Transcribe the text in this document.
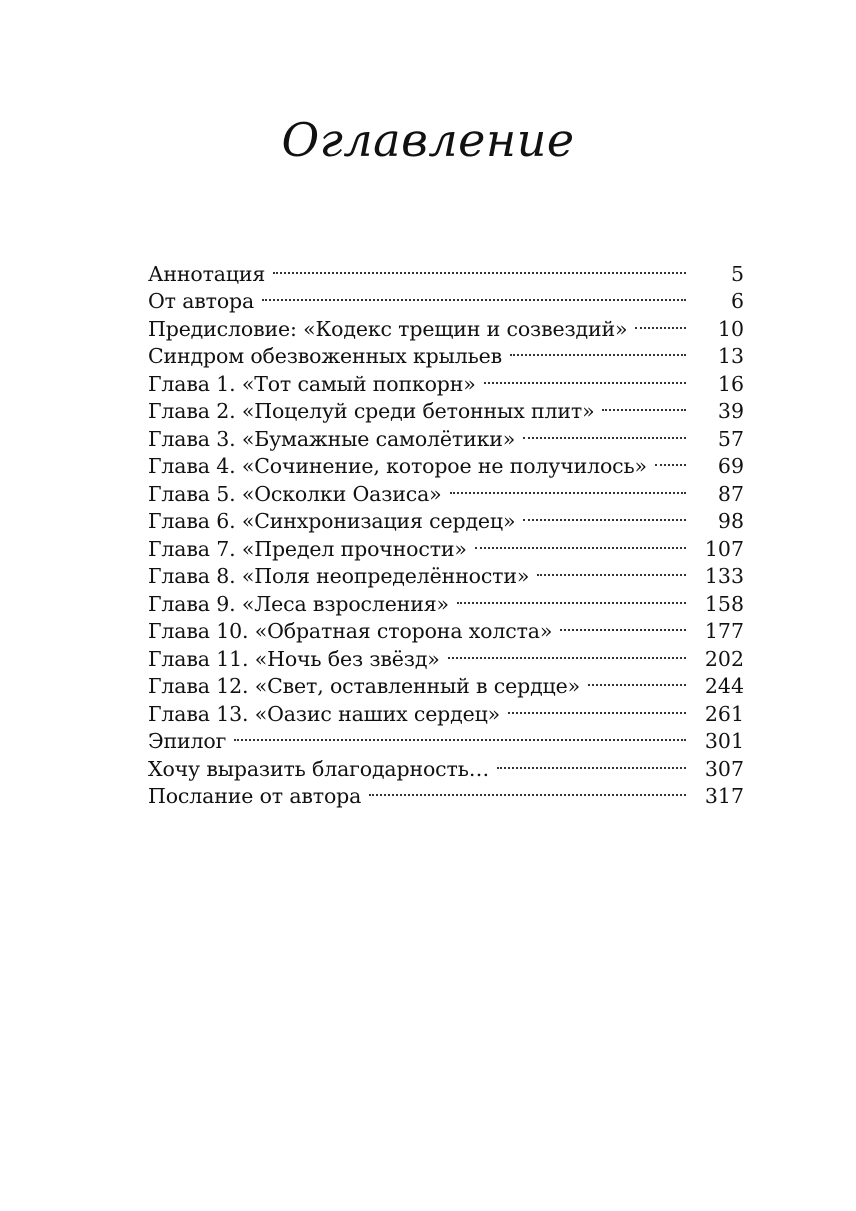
Оглавление
Аннотация	5
От автора	6
Предисловие: «Кодекс трещин и созвездий»	10
Синдром обезвоженных крыльев	13
Глава 1. «Тот самый попкорн»	16
Глава 2. «Поцелуй среди бетонных плит»	39
Глава 3. «Бумажные самолётики»	57
Глава 4. «Сочинение, которое не получилось»	69
Глава 5. «Осколки Оазиса»	87
Глава 6. «Синхронизация сердец»	98
Глава 7. «Предел прочности»	107
Глава 8. «Поля неопределённости»	133
Глава 9. «Леса взросления»	158
Глава 10. «Обратная сторона холста»	177
Глава 11. «Ночь без звёзд»	202
Глава 12. «Свет, оставленный в сердце»	244
Глава 13. «Оазис наших сердец»	261
Эпилог	301
Хочу выразить благодарность…	307
Послание от автора	317
